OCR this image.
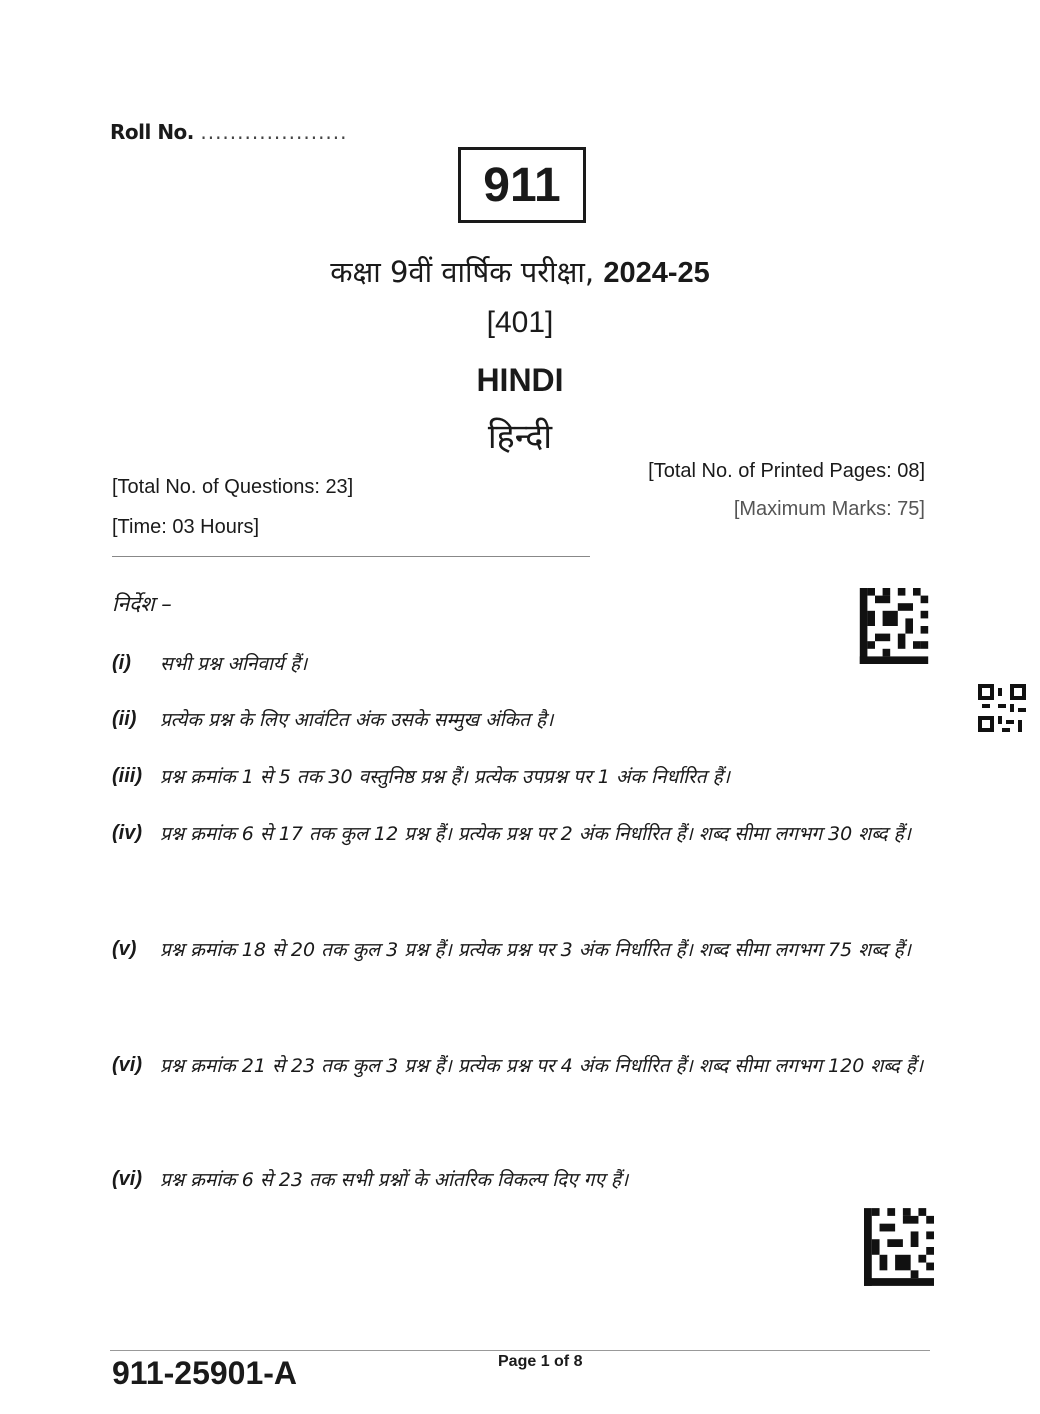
Roll No. ....................
911
कक्षा 9वीं वार्षिक परीक्षा, 2024-25
[401]
HINDI
हिन्दी
[Total No. of Questions: 23]
[Time: 03 Hours]
[Total No. of Printed Pages: 08]
[Maximum Marks: 75]
निर्देश –
(i)	सभी प्रश्न अनिवार्य हैं।
(ii)	प्रत्येक प्रश्न के लिए आवंटित अंक उसके सम्मुख अंकित है।
(iii) प्रश्न क्रमांक 1 से 5 तक 30 वस्तुनिष्ठ प्रश्न हैं। प्रत्येक उपप्रश्न पर 1 अंक निर्धारित हैं।
(iv) प्रश्न क्रमांक 6 से 17 तक कुल 12 प्रश्न हैं। प्रत्येक प्रश्न पर 2 अंक निर्धारित हैं। शब्द सीमा लगभग 30 शब्द हैं।
(v)	प्रश्न क्रमांक 18 से 20 तक कुल 3 प्रश्न हैं। प्रत्येक प्रश्न पर 3 अंक निर्धारित हैं। शब्द सीमा लगभग 75 शब्द हैं।
(vi) प्रश्न क्रमांक 21 से 23 तक कुल 3 प्रश्न हैं। प्रत्येक प्रश्न पर 4 अंक निर्धारित हैं। शब्द सीमा लगभग 120 शब्द हैं।
(vi) प्रश्न क्रमांक 6 से 23 तक सभी प्रश्नों के आंतरिक विकल्प दिए गए हैं।
911-25901-A	Page 1 of 8
